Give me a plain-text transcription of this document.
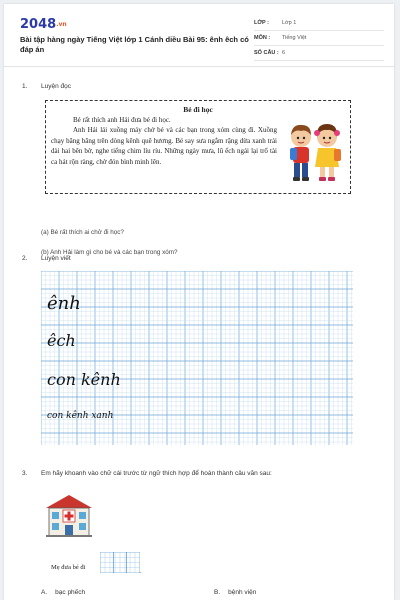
2048.vn
Bài tập hàng ngày Tiếng Việt lớp 1 Cánh diều Bài 95: ênh êch có đáp án
LỚP :	Lớp 1
MÔN :	Tiếng Việt
SỐ CÂU : 6
1. Luyện đọc
Bé đi học

Bé rất thích anh Hải đưa bé đi học.

Anh Hải lái xuồng máy chở bé và các bạn trong xóm cùng đi. Xuồng chạy băng băng trên dòng kênh quê hương. Bé say sưa ngắm rặng dừa xanh trải dài hai bên bờ, nghe tiếng chim líu ríu. Những ngày mưa, lũ ếch ngái lại trổ tài ca hát rộn ràng, chờ đón bình minh lên.

(a) Bé rất thích ai chở đi học?
(b) Anh Hải làm gì cho bé và các bạn trong xóm?
2. Luyện viết
ênh
êch
con kênh
con kênh xanh
3. Em hãy khoanh vào chữ cái trước từ ngữ thích hợp để hoàn thành câu văn sau:
Mẹ đưa bé đi
.
A. bạc phếch	B. bệnh viện
